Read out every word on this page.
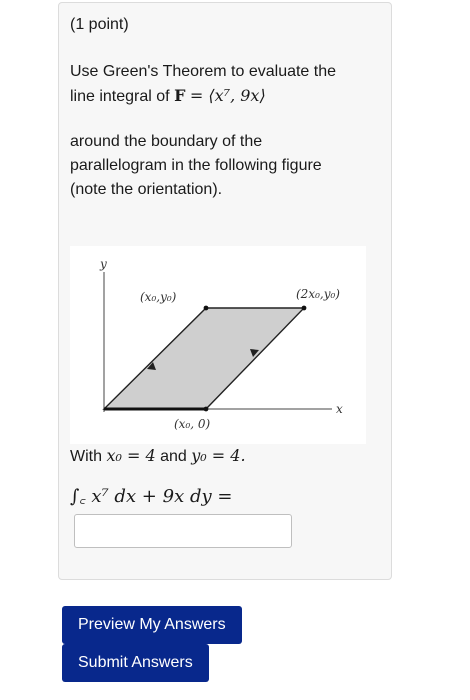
(1 point)
Use Green's Theorem to evaluate the
line integral of F = ⟨x⁷, 9x⟩
around the boundary of the
parallelogram in the following figure
(note the orientation).
y
x
(x₀,y₀)	(2x₀,y₀)
(x₀, 0)
With x₀ = 4 and y₀ = 4.
∫꜀ x⁷ dx + 9x dy =
Preview My Answers
Submit Answers
